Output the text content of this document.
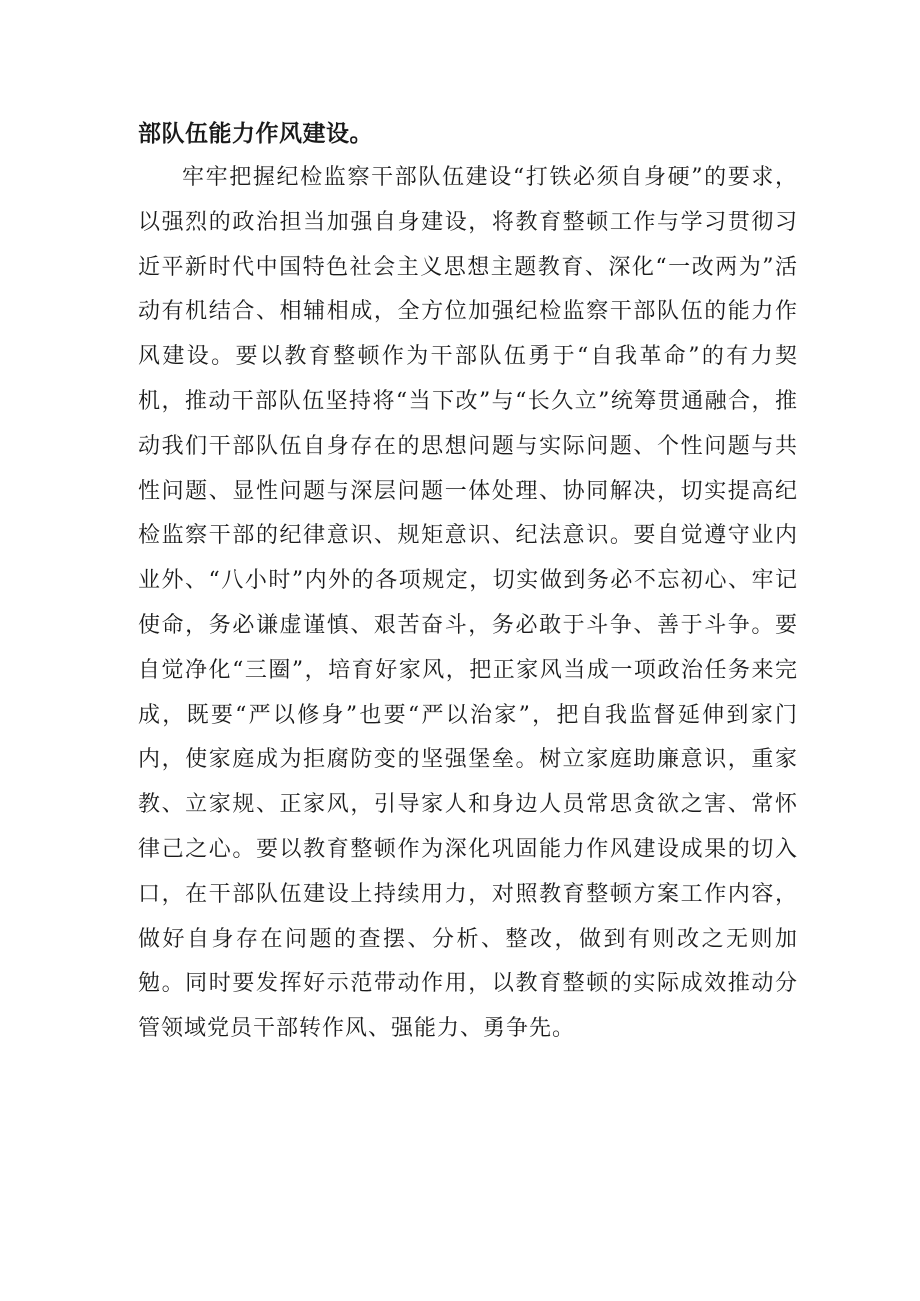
部队伍能力作风建设。

牢牢把握纪检监察干部队伍建设“打铁必须自身硬”的要求，以强烈的政治担当加强自身建设，将教育整顿工作与学习贯彻习近平新时代中国特色社会主义思想主题教育、深化“一改两为”活动有机结合、相辅相成，全方位加强纪检监察干部队伍的能力作风建设。要以教育整顿作为干部队伍勇于“自我革命”的有力契机，推动干部队伍坚持将“当下改”与“长久立”统筹贯通融合，推动我们干部队伍自身存在的思想问题与实际问题、个性问题与共性问题、显性问题与深层问题一体处理、协同解决，切实提高纪检监察干部的纪律意识、规矩意识、纪法意识。要自觉遵守业内业外、“八小时”内外的各项规定，切实做到务必不忘初心、牢记使命，务必谦虚谨慎、艰苦奋斗，务必敢于斗争、善于斗争。要自觉净化“三圈”，培育好家风，把正家风当成一项政治任务来完成，既要“严以修身”也要“严以治家”，把自我监督延伸到家门内，使家庭成为拒腐防变的坚强堡垒。树立家庭助廉意识，重家教、立家规、正家风，引导家人和身边人员常思贪欲之害、常怀律己之心。要以教育整顿作为深化巩固能力作风建设成果的切入口，在干部队伍建设上持续用力，对照教育整顿方案工作内容，做好自身存在问题的查摆、分析、整改，做到有则改之无则加勉。同时要发挥好示范带动作用，以教育整顿的实际成效推动分管领域党员干部转作风、强能力、勇争先。
